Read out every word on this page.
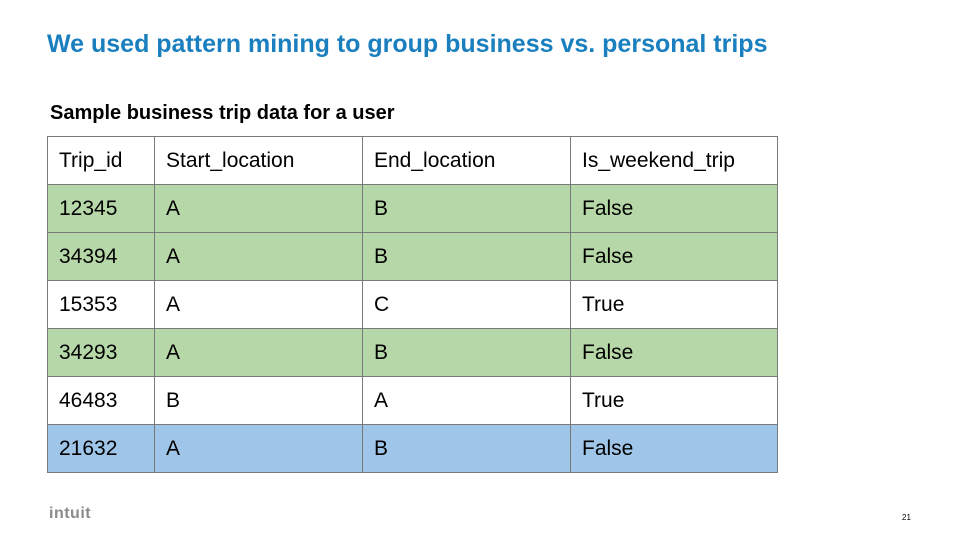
We used pattern mining to group business vs. personal trips
Sample business trip data for a user
Trip_id	Start_location	End_location	Is_weekend_trip
12345	A	B	False
34394	A	B	False
15353	A	C	True
34293	A	B	False
46483	B	A	True
21632	A	B	False
intuit	21
